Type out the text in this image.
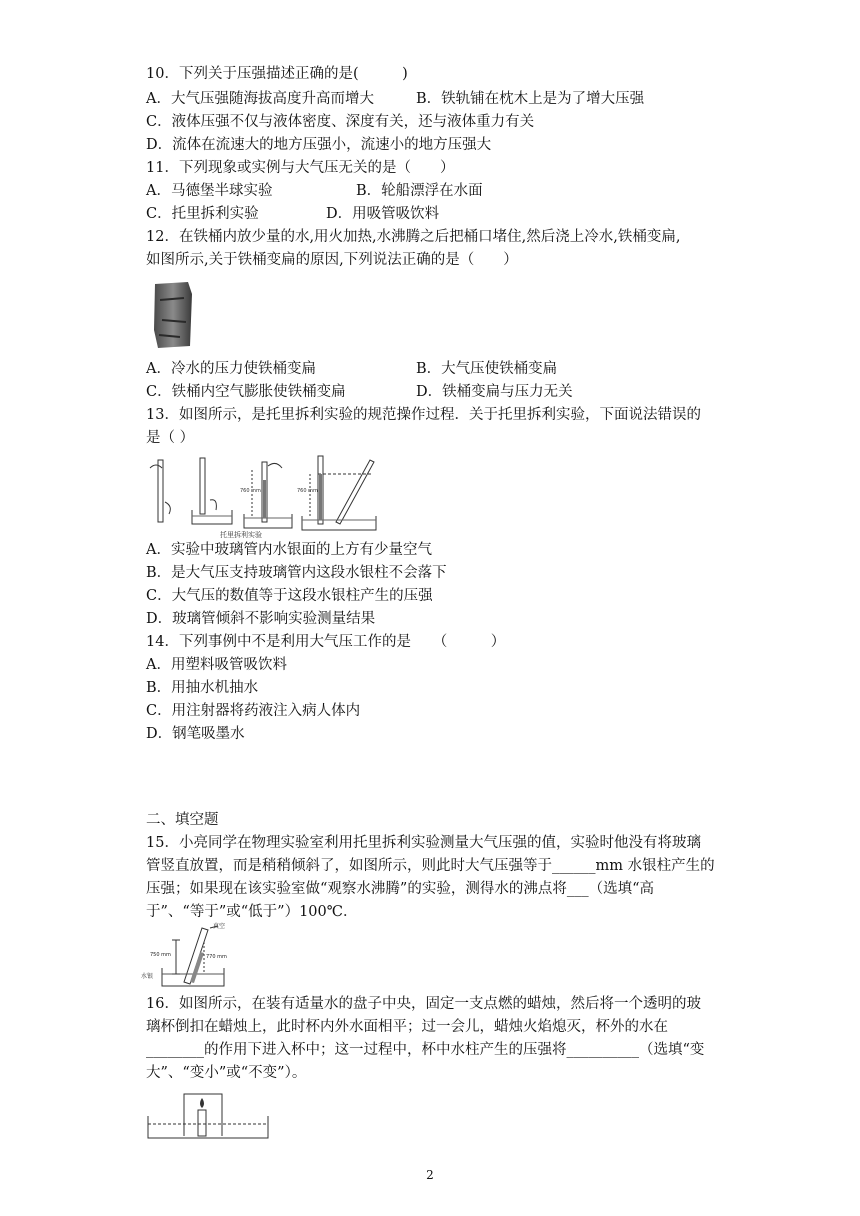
10．下列关于压强描述正确的是(　　　)
A．大气压强随海拔高度升高而增大	B．铁轨铺在枕木上是为了增大压强
C．液体压强不仅与液体密度、深度有关，还与液体重力有关
D．流体在流速大的地方压强小，流速小的地方压强大
11．下列现象或实例与大气压无关的是（　　）
A．马德堡半球实验	B．轮船漂浮在水面
C．托里拆利实验	D．用吸管吸饮料
12．在铁桶内放少量的水,用火加热,水沸腾之后把桶口堵住,然后浇上冷水,铁桶变扁,
如图所示,关于铁桶变扁的原因,下列说法正确的是（　　）
A．冷水的压力使铁桶变扁	B．大气压使铁桶变扁
C．铁桶内空气膨胀使铁桶变扁	D．铁桶变扁与压力无关
13．如图所示，是托里拆利实验的规范操作过程．关于托里拆利实验，下面说法错误的
是（ ）
760 mm	760 mm
托里拆利实验
A．实验中玻璃管内水银面的上方有少量空气
B．是大气压支持玻璃管内这段水银柱不会落下
C．大气压的数值等于这段水银柱产生的压强
D．玻璃管倾斜不影响实验测量结果
14．下列事例中不是利用大气压工作的是　　（　　　）
A．用塑料吸管吸饮料
B．用抽水机抽水
C．用注射器将药液注入病人体内
D．钢笔吸墨水
二、填空题
15．小亮同学在物理实验室利用托里拆利实验测量大气压强的值，实验时他没有将玻璃
管竖直放置，而是稍稍倾斜了，如图所示，则此时大气压强等于______mm 水银柱产生的
压强；如果现在该实验室做“观察水沸腾”的实验，测得水的沸点将___（选填“高
于”、“等于”或“低于”）100℃．
真空
750 mm	770 mm
水银
16．如图所示，在装有适量水的盘子中央，固定一支点燃的蜡烛，然后将一个透明的玻
璃杯倒扣在蜡烛上，此时杯内外水面相平；过一会儿，蜡烛火焰熄灭，杯外的水在
________的作用下进入杯中；这一过程中，杯中水柱产生的压强将__________（选填“变
大”、“变小”或“不变”）。
2
